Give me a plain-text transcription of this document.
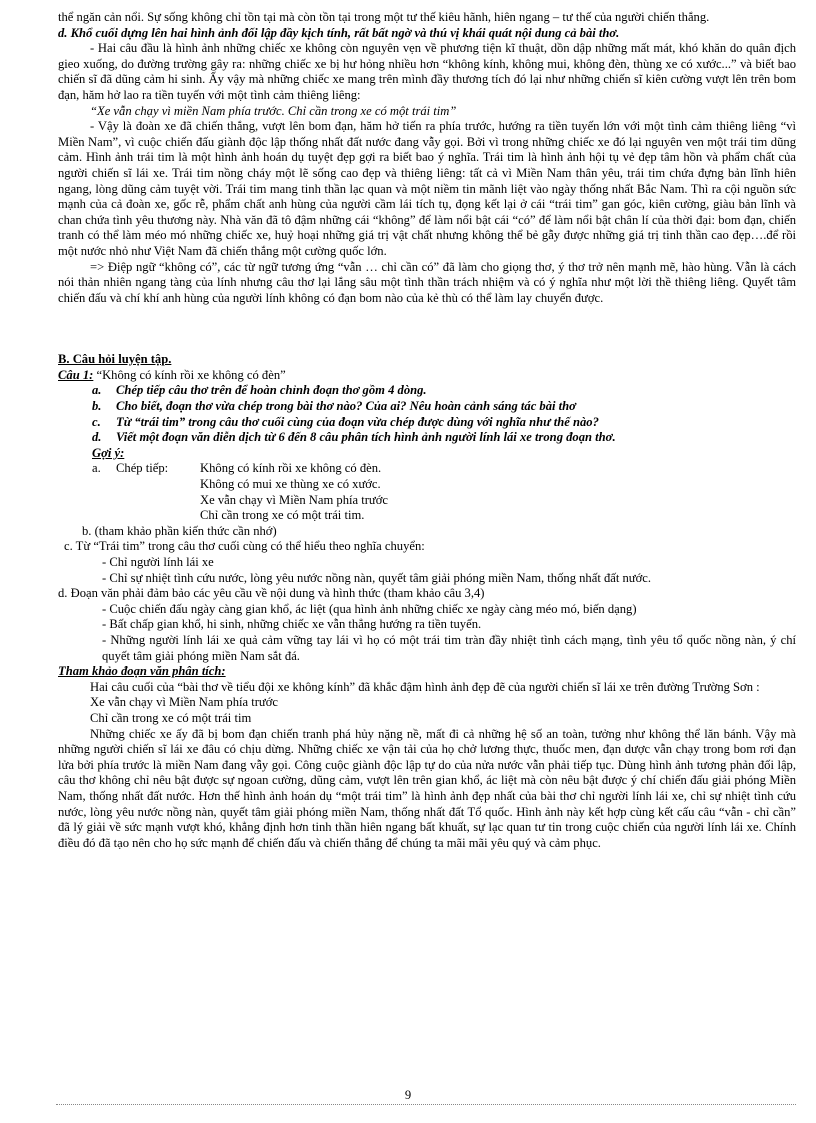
thể ngăn cản nổi. Sự sống không chỉ tồn tại mà còn tồn tại trong một tư thế kiêu hãnh, hiên ngang – tư thế của người chiến thắng.

d. Khổ cuối dựng lên hai hình ảnh đối lập đầy kịch tính, rất bất ngờ và thú vị khái quát nội dung cả bài thơ.

- Hai câu đầu là hình ảnh những chiếc xe không còn nguyên vẹn về phương tiện kĩ thuật, dồn dập những mất mát, khó khăn do quân địch gieo xuống, do đường trường gây ra: những chiếc xe bị hư hỏng nhiều hơn “không kính, không mui, không đèn, thùng xe có xước...” và biết bao chiến sĩ đã dũng cảm hi sinh. Ấy vậy mà những chiếc xe mang trên mình đầy thương tích đó lại như những chiến sĩ kiên cường vượt lên trên bom đạn, hăm hở lao ra tiền tuyến với một tình cảm thiêng liêng:

“Xe vẫn chạy vì miền Nam phía trước. Chỉ cần trong xe có một trái tim”

- Vậy là đoàn xe đã chiến thắng, vượt lên bom đạn, hăm hở tiến ra phía trước, hướng ra tiền tuyến lớn với một tình cảm thiêng liêng “vì Miền Nam”, vì cuộc chiến đấu giành độc lập thống nhất đất nước đang vẫy gọi. Bởi vì trong những chiếc xe đó lại nguyên ven một trái tim dũng cảm. Hình ảnh trái tim là một hình ảnh hoán dụ tuyệt đẹp gợi ra biết bao ý nghĩa. Trái tim là hình ảnh hội tụ vẻ đẹp tâm hồn và phẩm chất của người chiến sĩ lái xe. Trái tim nồng cháy một lẽ sống cao đẹp và thiêng liêng: tất cả vì Miền Nam thân yêu, trái tim chứa đựng bản lĩnh hiên ngang, lòng dũng cảm tuyệt vời. Trái tim mang tinh thần lạc quan và một niềm tin mãnh liệt vào ngày thống nhất Bắc Nam. Thì ra cội nguồn sức mạnh của cả đoàn xe, gốc rễ, phẩm chất anh hùng của người cầm lái tích tụ, đọng kết lại ở cái “trái tim” gan góc, kiên cường, giàu bản lĩnh và chan chứa tình yêu thương này. Nhà văn đã tô đậm những cái “không” để làm nổi bật cái “có” để làm nổi bật chân lí của thời đại: bom đạn, chiến tranh có thể làm méo mó những chiếc xe, huỷ hoại những giá trị vật chất nhưng không thể bẻ gẫy được những giá trị tinh thần cao đẹp….để rồi một nước nhỏ như Việt Nam đã chiến thắng một cường quốc lớn.

=> Điệp ngữ “không có”, các từ ngữ tương ứng “vẫn … chỉ cần có” đã làm cho giọng thơ, ý thơ trở nên mạnh mẽ, hào hùng. Vẫn là cách nói thản nhiên ngang tàng của lính nhưng câu thơ lại lắng sâu một tình thần trách nhiệm và có ý nghĩa như một lời thề thiêng liêng. Quyết tâm chiến đấu và chí khí anh hùng của người lính không có đạn bom nào của kẻ thù có thể làm lay chuyển được.

B. Câu hỏi luyện tập.

Câu 1: “Không có kính rồi xe không có đèn”

a.	Chép tiếp câu thơ trên để hoàn chỉnh đoạn thơ gồm 4 dòng.
b.	Cho biết, đoạn thơ vừa chép trong bài thơ nào? Của ai? Nêu hoàn cảnh sáng tác bài thơ
c.	Từ “trái tim” trong câu thơ cuối cùng của đoạn vừa chép được dùng với nghĩa như thế nào?
d.	Viết một đoạn văn diễn dịch từ 6 đến 8 câu phân tích hình ảnh người lính lái xe trong đoạn thơ.

Gợi ý:

a.	Chép tiếp:	Không có kính rồi xe không có đèn.
Không có mui xe thùng xe có xước.
Xe vẫn chạy vì Miền Nam phía trước
Chỉ cần trong xe có một trái tim.

b. (tham khảo phần kiến thức cần nhớ)

c. Từ “Trái tim” trong câu thơ cuối cùng có thể hiểu theo nghĩa chuyển:

- Chỉ người lính lái xe

- Chỉ sự nhiệt tình cứu nước, lòng yêu nước nồng nàn, quyết tâm giải phóng miền Nam, thống nhất đất nước.

d. Đoạn văn phải đảm bảo các yêu cầu về nội dung và hình thức (tham khảo câu 3,4)

- Cuộc chiến đấu ngày càng gian khổ, ác liệt (qua hình ảnh những chiếc xe ngày càng méo mó, biến dạng)

- Bất chấp gian khổ, hi sinh, những chiếc xe vẫn thẳng hướng ra tiền tuyến.

- Những người lính lái xe quả cảm vững tay lái vì họ có một trái tim tràn đầy nhiệt tình cách mạng, tình yêu tổ quốc nồng nàn, ý chí quyết tâm giải phóng miền Nam sắt đá.

Tham khảo đoạn văn phân tích:

Hai câu cuối của “bài thơ về tiểu đội xe không kính” đã khắc đậm hình ảnh đẹp đẽ của người chiến sĩ lái xe trên đường Trường Sơn :

Xe vẫn chạy vì Miền Nam phía trước
Chỉ cần trong xe có một trái tim

Những chiếc xe ấy đã bị bom đạn chiến tranh phá hủy nặng nề, mất đi cả những hệ số an toàn, tưởng như không thể lăn bánh. Vậy mà những người chiến sĩ lái xe đâu có chịu dừng. Những chiếc xe vận tải của họ chở lương thực, thuốc men, đạn dược vẫn chạy trong bom rơi đạn lửa bởi phía trước là miền Nam đang vẫy gọi. Công cuộc giành độc lập tự do của nửa nước vẫn phải tiếp tục. Dùng hình ảnh tương phản đối lập, câu thơ không chỉ nêu bật được sự ngoan cường, dũng cảm, vượt lên trên gian khổ, ác liệt mà còn nêu bật được ý chí chiến đấu giải phóng Miền Nam, thống nhất đất nước. Hơn thế hình ảnh hoán dụ “một trái tim” là hình ảnh đẹp nhất của bài thơ chỉ người lính lái xe, chỉ sự nhiệt tình cứu nước, lòng yêu nước nồng nàn, quyết tâm giải phóng miền Nam, thống nhất đất Tổ quốc. Hình ảnh này kết hợp cùng kết cấu câu “vẫn - chỉ cần” đã lý giải về sức mạnh vượt khó, khẳng định hơn tinh thần hiên ngang bất khuất, sự lạc quan tư tin trong cuộc chiến của người lính lái xe. Chính điều đó đã tạo nên cho họ sức mạnh để chiến đấu và chiến thắng để chúng ta mãi mãi yêu quý và cảm phục.

9
